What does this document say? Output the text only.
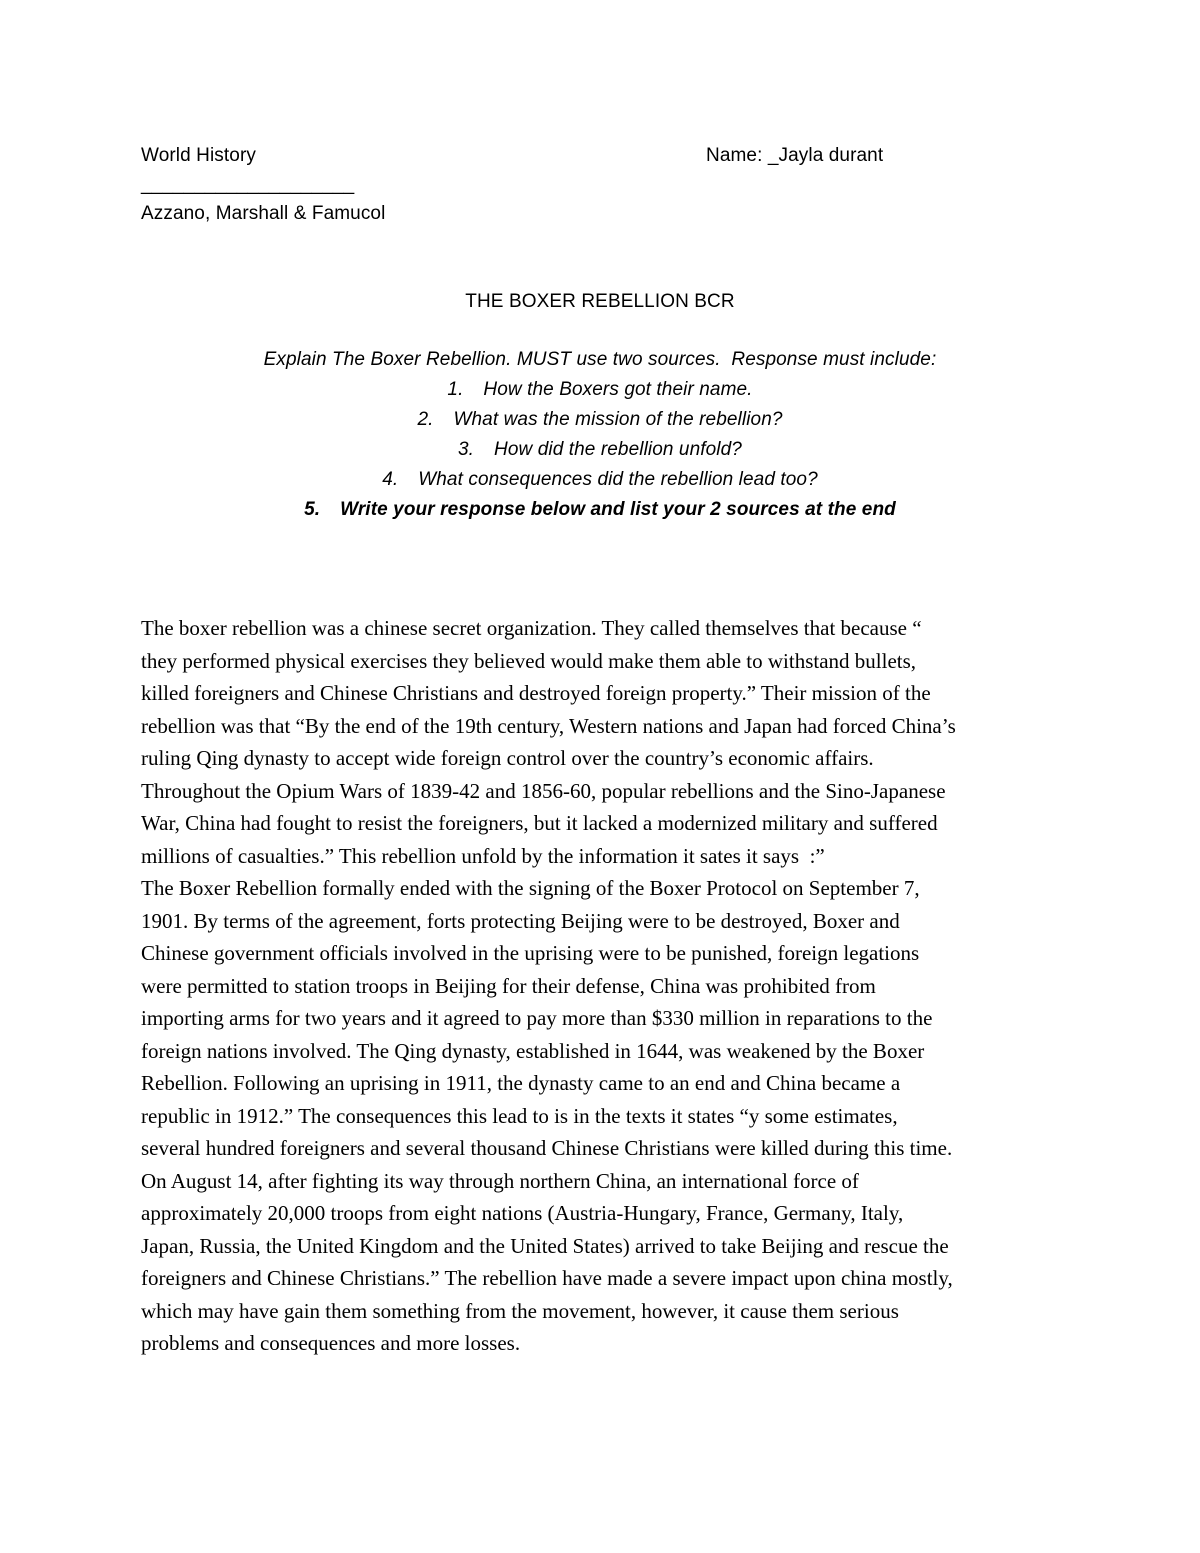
World History	Name: _Jayla durant
____________________
Azzano, Marshall & Famucol
THE BOXER REBELLION BCR
Explain The Boxer Rebellion. MUST use two sources.  Response must include:
1. How the Boxers got their name.
2. What was the mission of the rebellion?
3. How did the rebellion unfold?
4. What consequences did the rebellion lead too?
5. Write your response below and list your 2 sources at the end
The boxer rebellion was a chinese secret organization. They called themselves that because “
they performed physical exercises they believed would make them able to withstand bullets,
killed foreigners and Chinese Christians and destroyed foreign property.” Their mission of the
rebellion was that “By the end of the 19th century, Western nations and Japan had forced China’s
ruling Qing dynasty to accept wide foreign control over the country’s economic affairs.
Throughout the Opium Wars of 1839-42 and 1856-60, popular rebellions and the Sino-Japanese
War, China had fought to resist the foreigners, but it lacked a modernized military and suffered
millions of casualties.” This rebellion unfold by the information it sates it says  :”
The Boxer Rebellion formally ended with the signing of the Boxer Protocol on September 7,
1901. By terms of the agreement, forts protecting Beijing were to be destroyed, Boxer and
Chinese government officials involved in the uprising were to be punished, foreign legations
were permitted to station troops in Beijing for their defense, China was prohibited from
importing arms for two years and it agreed to pay more than $330 million in reparations to the
foreign nations involved. The Qing dynasty, established in 1644, was weakened by the Boxer
Rebellion. Following an uprising in 1911, the dynasty came to an end and China became a
republic in 1912.” The consequences this lead to is in the texts it states “y some estimates,
several hundred foreigners and several thousand Chinese Christians were killed during this time.
On August 14, after fighting its way through northern China, an international force of
approximately 20,000 troops from eight nations (Austria-Hungary, France, Germany, Italy,
Japan, Russia, the United Kingdom and the United States) arrived to take Beijing and rescue the
foreigners and Chinese Christians.” The rebellion have made a severe impact upon china mostly,
which may have gain them something from the movement, however, it cause them serious
problems and consequences and more losses.
